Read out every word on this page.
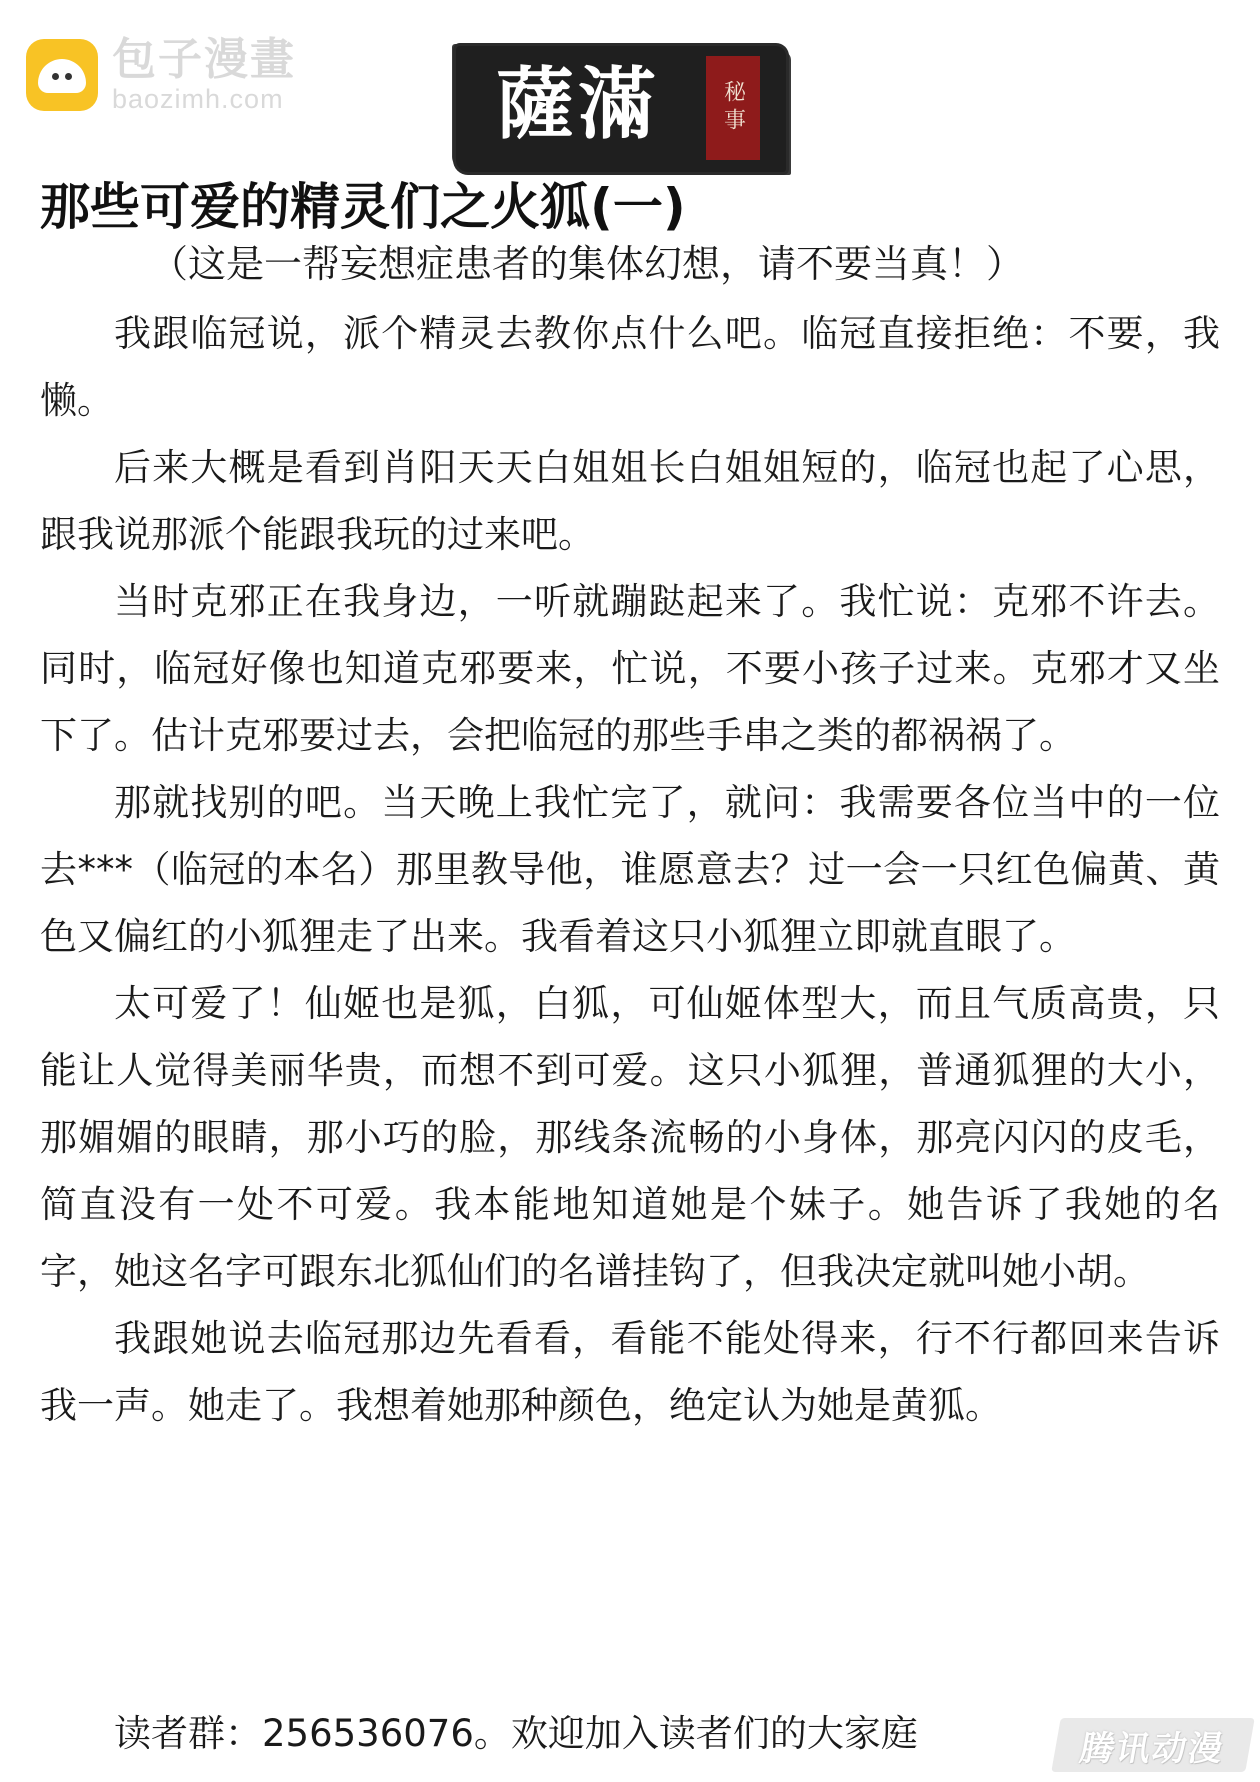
包子漫畫
baozimh.com	薩滿	秘事
那些可爱的精灵们之火狐(一)

（这是一帮妄想症患者的集体幻想，请不要当真！）

我跟临冠说，派个精灵去教你点什么吧。临冠直接拒绝：不要，我懒。

后来大概是看到肖阳天天白姐姐长白姐姐短的，临冠也起了心思，跟我说那派个能跟我玩的过来吧。

当时克邪正在我身边，一听就蹦跶起来了。我忙说：克邪不许去。同时，临冠好像也知道克邪要来，忙说，不要小孩子过来。克邪才又坐下了。估计克邪要过去，会把临冠的那些手串之类的都祸祸了。

那就找别的吧。当天晚上我忙完了，就问：我需要各位当中的一位去***（临冠的本名）那里教导他，谁愿意去？过一会一只红色偏黄、黄色又偏红的小狐狸走了出来。我看着这只小狐狸立即就直眼了。

太可爱了！仙姬也是狐，白狐，可仙姬体型大，而且气质高贵，只能让人觉得美丽华贵，而想不到可爱。这只小狐狸，普通狐狸的大小，那媚媚的眼睛，那小巧的脸，那线条流畅的小身体，那亮闪闪的皮毛，简直没有一处不可爱。我本能地知道她是个妹子。她告诉了我她的名字，她这名字可跟东北狐仙们的名谱挂钩了，但我决定就叫她小胡。

我跟她说去临冠那边先看看，看能不能处得来，行不行都回来告诉我一声。她走了。我想着她那种颜色，绝定认为她是黄狐。

读者群：256536076。欢迎加入读者们的大家庭	腾讯动漫
